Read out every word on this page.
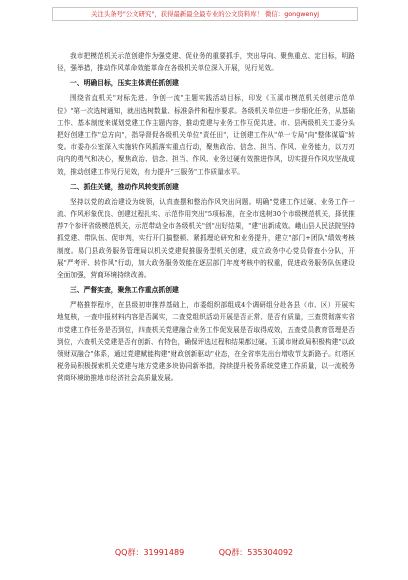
关注头条号"公文研究"，获得最新最全最专业的公文资料库！ 微信：gongwenyj

我市把模范机关示范创建作为强党建、促业务的重要抓手，突出导向、聚焦重点、定目标，明路径，强举措，推动作风革命效能革命在各级机关单位深入开展，见行见效。

一、明确目标，压实主体责任抓创建

围绕省直机关"对标先进、争创一流"主题实践活动目标，印发《玉溪市模范机关创建示范单位》"第一次选树通知，就出选树数量、标准条件和程序要求。各级机关单位进一步细化任务，从基础工作、基本制度来谋划党建工作主题内容，推动党建与业务工作互促共进。市、县两级机关工委分头把好创建工作"总方向"，指导督促各级机关单位"责任田"，让创建工作从"单一专局"向"整体谋篇"转变。市委办公室深入实施转作风抓落实重点行动，聚焦政治、信念、担当、作风、业务能力，以刀刃向内的勇气和决心，聚焦政治、信念、担当、作风、业务过硬有效推进作风，切实提升作风攻坚战成效，推动创建工作见行见效，有力提升"三服务"工作质量水平。

二、抓住关键，推动作风转变抓创建

坚持以党的政治建设为统领，认真查摆和整治作风突出问题。明确"党建工作过硬、业务工作一流、作风形象优良、创建过程扎实、示范作用突出"5项标准，在全市选树30个市级模范机关，择优推荐7个参评省级模范机关，示范带动全市各级机关"创"出好结果，"建"出新成效。峨山县人民法院坚持抓党建、带队伍、促审判，实行开门搞整顿、紧抓理论研究和业务提升，建立"部门+团队"绩效考核制度。易门县政务服务管理局以机关党建促推服务型机关创建，成立政务中心党员督查小分队，开展"严考评、转作风"行动，加大政务服务效能在逐层部门年度考核中的权重，促进政务服务队伍建设全面加强，营商环境持续改善。

三、严督实查，聚焦工作重点抓创建

严格推荐程序，在县级初审推荐基础上，市委组织部组成4个调研组分赴各县（市、区）开展实地复核，一查申报材料内容是否属实，二查党组织活动开展是否正常、是否有质量，三查贯彻落实省市党建工作任务是否到位，四查机关党建融合业务工作促发展是否取得成效，五查党员教育管理是否到位，六查机关党建是否有创新、有特色，确保评选过程和结果都过硬。玉溪市财政局积极构建"以政领财双融合"体系，通过党建赋能构建"财政创新驱动"业态，在全省率先出台增收节支新路子。红塔区税务局积极探索机关党建与地方党建多块协同新举措，持续提升税务系统党建工作质量，以一流税务营商环境助推地市经济社会高质量发展。

QQ群：31991489	QQ群：535304092
